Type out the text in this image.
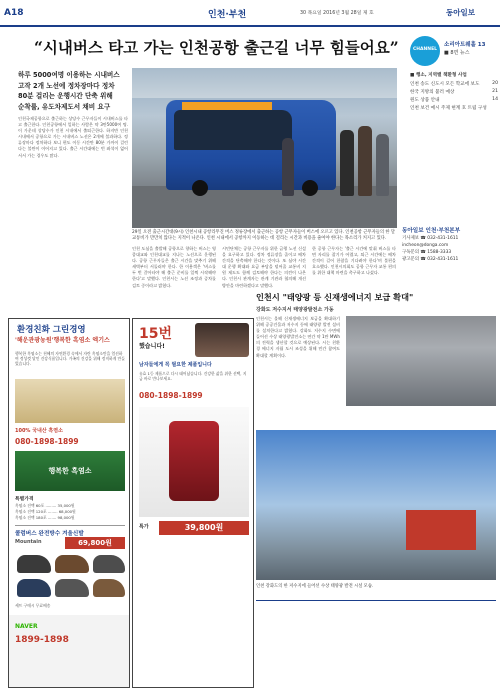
A18	인천·부천	30 목요일 2016년 3월 28일 제 호	동아일보
“시내버스 타고 가는 인천공항 출근길 너무 힘들어요”	CHANNEL
소리아트웨홀 13
■ 8면 뉴스
■ 행소, 지역밸 책환형 사업
인천 송도 신도시 모든 학교에 보도	20
한국 지방의 불러 예상	21
원도 상품 안내	14
인천 보건 예시 주제 현계 호 트립 구성
하루 5000여명 이용하는 시내버스
고작 2개 노선에 정차장마다 정차
80분 걸리는 운행시간 단축 위해
순착률, 유도차제도서 채비 요구
인천국제공항으로 출근하는 상당수 근무자들이 시내버스를 타고 출근한다. 인천공항에서 일하는 사람은 약 3만5000여 명. 이 가운데 상당수가 인천 시내에서 출퇴근한다. 하지만 인천 시내에서 공항으로 가는 시내버스 노선은 2개에 불과하다. 정류장마다 정차하다 보니 편도 이동 시간만 80분 가까이 걸린다는 불만이 이어지고 있다. 출근 시간대에는 빈 좌석이 없어 서서 가는 경우도 많다.
29일 오전 출근시간대(9시) 인천시내 공항리무진 버스 정류장에서 출근하는 공항 근무자들이 버스에 오르고 있다. 인천공항 근무자들의 한 달 교통비가 만만치 않다는 지적이 나온다. 인천 시내에서 공항까지 이동하는 데 걸리는 시간과 비용을 줄여야 한다는 목소리가 커지고 있다.
인천 도심을 출발해 공항으로 향하는 버스는 영종대교와 인천대교를 지나는 노선으로 운행된다. 공항 근무자들은 출근 시간을 맞추기 위해 새벽부터 서둘러야 한다. 한 이용객은 '버스를 두 번 갈아타야 해 출근 준비를 일찍 시작해야 한다'고 말했다. 인천시는 노선 조정과 증차를 검토 중이라고 밝혔다.
시민단체는 공항 근무자를 위한 급행 노선 신설을 요구하고 있다. 정차 정류장을 줄이고 배차 간격을 단축해야 한다는 것이다. 또 심야 시간대 운행 확대와 요금 부담을 덜어줄 교통비 지원 제도도 함께 검토해야 한다는 의견이 나온다. 인천시 관계자는 관계 기관과 협의해 개선 방안을 마련하겠다고 말했다.
한 공항 근무자는 '출근 시간에 맞춰 버스를 타면 자리를 잡기가 어렵고, 퇴근 시간에는 배차 간격이 길어 한참을 기다려야 한다'며 불편을 호소했다. 인천시의회도 공항 근무자 교통 편의를 위한 대책 마련을 촉구하고 나섰다.
동아일보 인천·부천본부
기사제보 ☎ 032-431-1611
incheon@donga.com
구독문의 ☎ 1588-3333
광고문의 ☎ 032-431-1611
인천시 "태양광 등 신재생에너지 보급 확대"
환경친화 그린경영
'해운관광농원'행복한 흑염소 엑기스
행복한 흑염소는 천혜의 자연환경 속에서 자란 흑염소만을 엄선하여 정성껏 달인 건강식품입니다. 가족의 건강을 위해 정직하게 만들었습니다.
100% 국내산 흑염소
080-1898-1899
행복한 흑염소
특별가격
흑염소 진액 60포 ......... 35,000원
흑염소 진액 120포 ........ 68,000원
흑염소 진액 180포 ....... 98,000원
콜럼버스 완전방수 겨울신발
Mountain	69,800원
세트 구매시 무료배송
NAVER
1899-1898
15번
했습니다!
남자들에게 꼭 필요한 제품입니다
유효 1등 제품으로 다시 태어났습니다. 건강한 삶을 위한 선택, 지금 바로 만나보세요.
080-1898-1899
특가	39,800원
강화도 저수지서 태양광발전소 가동
인천시는 올해 신재생에너지 보급을 확대하기 위해 공공건물과 저수지 등에 태양광 발전 설비를 설치한다고 밝혔다. 강화도 저수지 수면에 들어선 수상 태양광발전소는 연간 약 1만 MWh의 전력을 생산할 것으로 예상된다. 시는 친환경 에너지 자립 도시 조성을 위해 민간 참여도 확대할 계획이다.
인천 강화도의 한 저수지에 들어선 수상 태양광 발전 시설 모습.
